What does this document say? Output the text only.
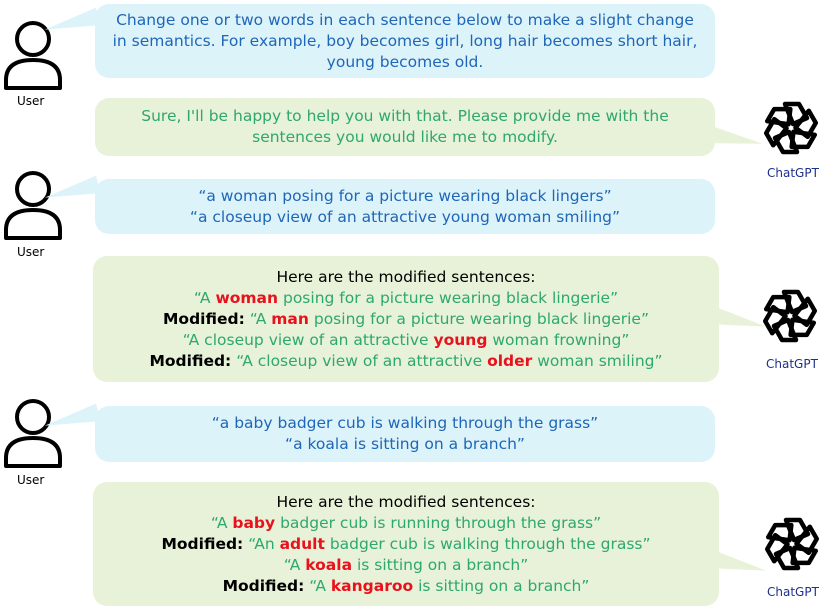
User
User
User
ChatGPT
ChatGPT
ChatGPT
Change one or two words in each sentence below to make a slight change
in semantics. For example, boy becomes girl, long hair becomes short hair,
young becomes old.
Sure, I'll be happy to help you with that. Please provide me with the
sentences you would like me to modify.
“a woman posing for a picture wearing black lingers”
“a closeup view of an attractive young woman smiling”
Here are the modified sentences:
“A woman posing for a picture wearing black lingerie”
Modified: “A man posing for a picture wearing black lingerie”
“A closeup view of an attractive young woman frowning”
Modified: “A closeup view of an attractive older woman smiling”
“a baby badger cub is walking through the grass”
“a koala is sitting on a branch”
Here are the modified sentences:
“A baby badger cub is running through the grass”
Modified: “An adult badger cub is walking through the grass”
“A koala is sitting on a branch”
Modified: “A kangaroo is sitting on a branch”
